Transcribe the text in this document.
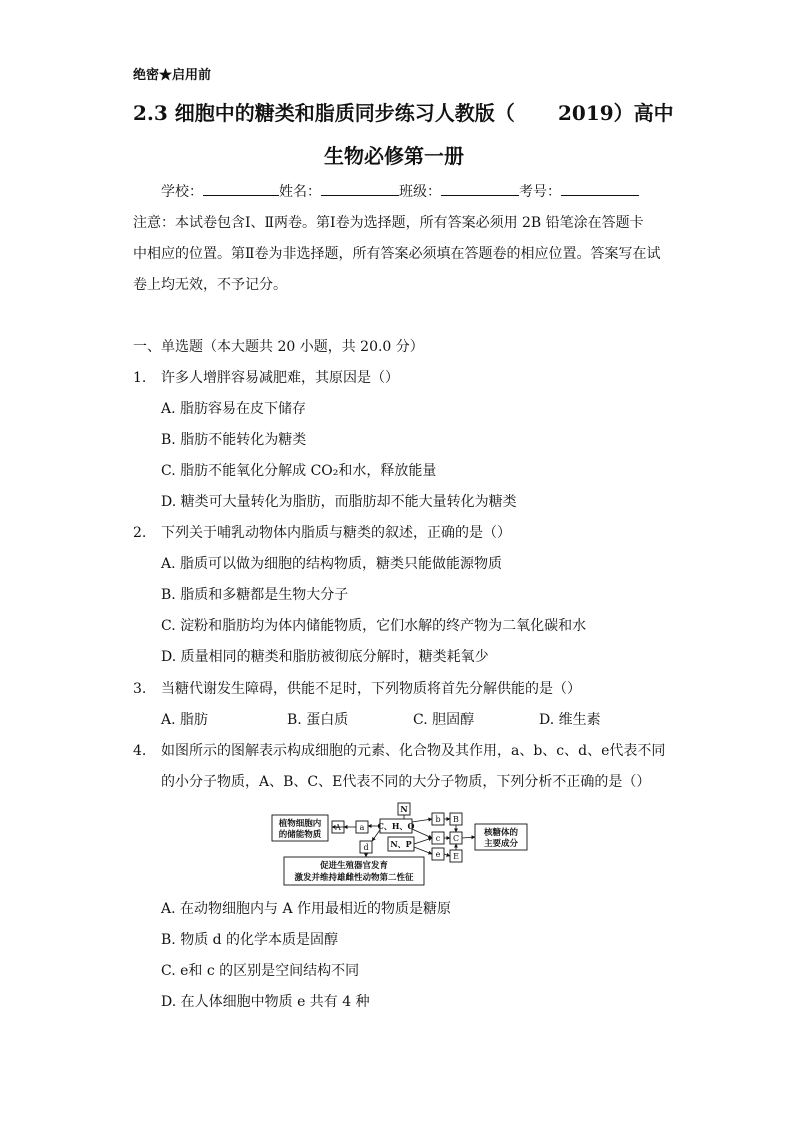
绝密★启用前
2.3 细胞中的糖类和脂质同步练习人教版（ 2019）高中
生物必修第一册
学校：	姓名：	班级：	考号：
注意：本试卷包含Ⅰ、Ⅱ两卷。第Ⅰ卷为选择题，所有答案必须用 2B 铅笔涂在答题卡
中相应的位置。第Ⅱ卷为非选择题，所有答案必须填在答题卷的相应位置。答案写在试
卷上均无效，不予记分。
一、单选题（本大题共 20 小题，共 20.0 分）
1. 许多人增胖容易减肥难，其原因是（）
A. 脂肪容易在皮下储存
B. 脂肪不能转化为糖类
C. 脂肪不能氧化分解成 CO₂和水，释放能量
D. 糖类可大量转化为脂肪，而脂肪却不能大量转化为糖类
2. 下列关于哺乳动物体内脂质与糖类的叙述，正确的是（）
A. 脂质可以做为细胞的结构物质，糖类只能做能源物质
B. 脂质和多糖都是生物大分子
C. 淀粉和脂肪均为体内储能物质，它们水解的终产物为二氧化碳和水
D. 质量相同的糖类和脂肪被彻底分解时，糖类耗氧少
3. 当糖代谢发生障碍，供能不足时，下列物质将首先分解供能的是（）
A. 脂肪	B. 蛋白质	C. 胆固醇	D. 维生素
4. 如图所示的图解表示构成细胞的元素、化合物及其作用，a、b、c、d、e代表不同
的小分子物质，A、B、C、E代表不同的大分子物质，下列分析不正确的是（）
植物细胞内
的储能物质	核糖体的
主要成分
促进生殖器官发育
激发并维持雄雌性动物第二性征
A a C、H、O
N
N、P
b B
c C
e E
d
A. 在动物细胞内与 A 作用最相近的物质是糖原
B. 物质 d 的化学本质是固醇
C. e和 c 的区别是空间结构不同
D. 在人体细胞中物质 e 共有 4 种
